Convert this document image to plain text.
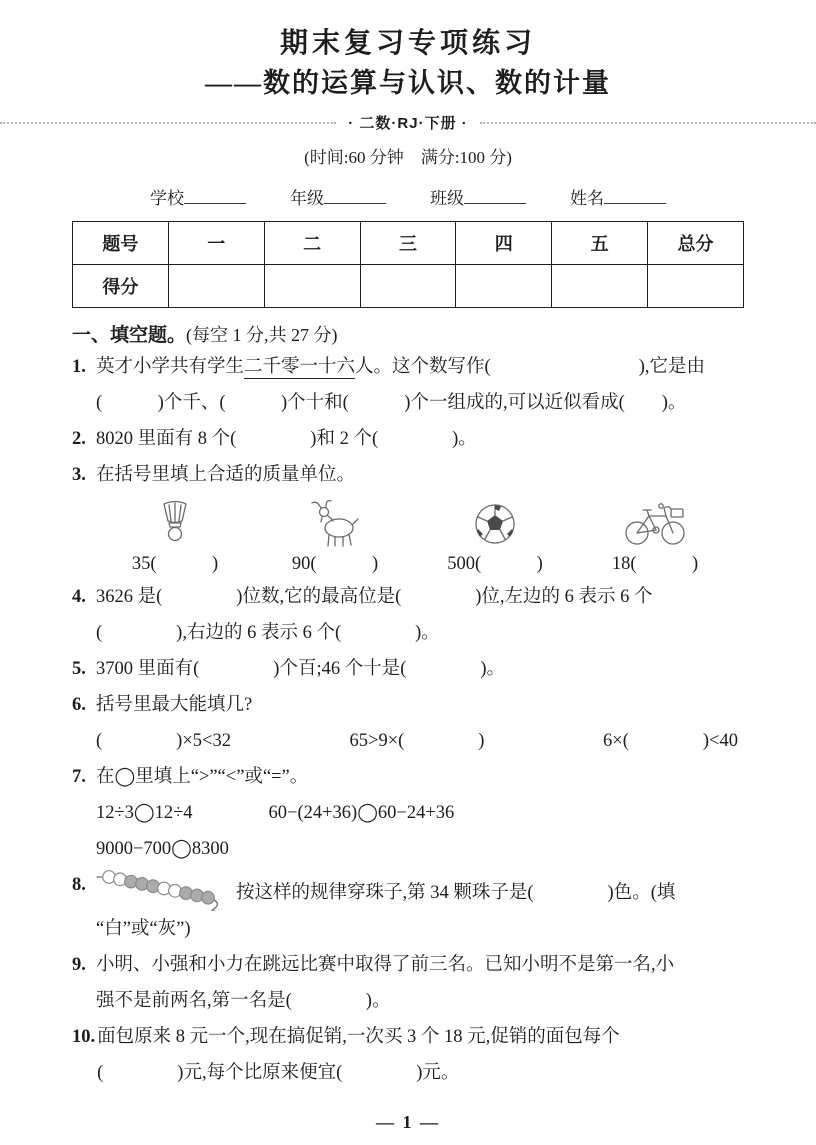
期末复习专项练习
——数的运算与认识、数的计量
· 二数·RJ·下册 ·
(时间:60 分钟　满分:100 分)
学校	年级	班级	姓名
题号	一	二	三	四	五	总分
得分						
一、填空题。(每空 1 分,共 27 分)
1. 英才小学共有学生二千零一十六人。这个数写作(　　　　　　　　),它是由

(　　　)个千、(　　　)个十和(　　　)个一组成的,可以近似看成(　　)。

2. 8020 里面有 8 个(　　　　)和 2 个(　　　　)。

3. 在括号里填上合适的质量单位。

35(　　　)	90(　　　)	500(　　　)	18(　　　)
4. 3626 是(　　　　)位数,它的最高位是(　　　　)位,左边的 6 表示 6 个

(　　　　),右边的 6 表示 6 个(　　　　)。

5. 3700 里面有(　　　　)个百;46 个十是(　　　　)。

6. 括号里最大能填几?

(　　　　)×5<32	65>9×(　　　　)	6×(　　　　)<40
7. 在◯里填上“>”“<”或“=”。

12÷3◯12÷4	60−(24+36)◯60−24+36
9000−700◯8300
8.	按这样的规律穿珠子,第 34 颗珠子是(　　　　)色。(填

“白”或“灰”)

9. 小明、小强和小力在跳远比赛中取得了前三名。已知小明不是第一名,小

强不是前两名,第一名是(　　　　)。

10. 面包原来 8 元一个,现在搞促销,一次买 3 个 18 元,促销的面包每个

(　　　　)元,每个比原来便宜(　　　　)元。

— 1 —
